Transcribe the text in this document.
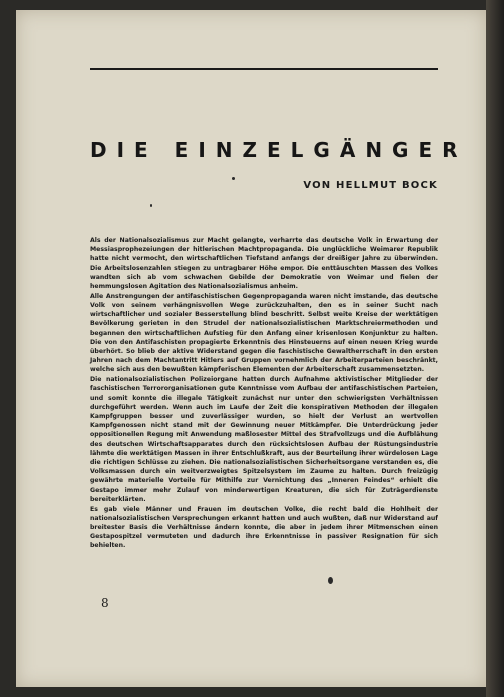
DIE EINZELGÄNGER
VON HELLMUT BOCK

Als der Nationalsozialismus zur Macht gelangte, verharrte das deutsche Volk in Erwartung der Messiasprophezeiungen der hitlerischen Machtpropaganda. Die unglückliche Weimarer Republik hatte nicht vermocht, den wirtschaftlichen Tiefstand anfangs der dreißiger Jahre zu überwinden. Die Arbeitslosenzahlen stiegen zu untragbarer Höhe empor. Die enttäuschten Massen des Volkes wandten sich ab vom schwachen Gebilde der Demokratie von Weimar und fielen der hemmungslosen Agitation des Nationalsozialismus anheim.

Alle Anstrengungen der antifaschistischen Gegenpropaganda waren nicht imstande, das deutsche Volk von seinem verhängnisvollen Wege zurückzuhalten, den es in seiner Sucht nach wirtschaftlicher und sozialer Besserstellung blind beschritt. Selbst weite Kreise der werktätigen Bevölkerung gerieten in den Strudel der nationalsozialistischen Marktschreiermethoden und begannen den wirtschaftlichen Aufstieg für den Anfang einer krisenlosen Konjunktur zu halten. Die von den Antifaschisten propagierte Erkenntnis des Hinsteuerns auf einen neuen Krieg wurde überhört. So blieb der aktive Widerstand gegen die faschistische Gewaltherrschaft in den ersten Jahren nach dem Machtantritt Hitlers auf Gruppen vornehmlich der Arbeiterparteien beschränkt, welche sich aus den bewußten kämpferischen Elementen der Arbeiterschaft zusammensetzten.

Die nationalsozialistischen Polizeiorgane hatten durch Aufnahme aktivistischer Mitglieder der faschistischen Terrororganisationen gute Kenntnisse vom Aufbau der antifaschistischen Parteien, und somit konnte die illegale Tätigkeit zunächst nur unter den schwierigsten Verhältnissen durchgeführt werden. Wenn auch im Laufe der Zeit die konspirativen Methoden der illegalen Kampfgruppen besser und zuverlässiger wurden, so hielt der Verlust an wertvollen Kampfgenossen nicht stand mit der Gewinnung neuer Mitkämpfer. Die Unterdrückung jeder oppositionellen Regung mit Anwendung maßlosester Mittel des Strafvollzugs und die Aufblähung des deutschen Wirtschaftsapparates durch den rücksichtslosen Aufbau der Rüstungsindustrie lähmte die werktätigen Massen in ihrer Entschlußkraft, aus der Beurteilung ihrer würdelosen Lage die richtigen Schlüsse zu ziehen. Die nationalsozialistischen Sicherheitsorgane verstanden es, die Volksmassen durch ein weitverzweigtes Spitzelsystem im Zaume zu halten. Durch freizügig gewährte materielle Vorteile für Mithilfe zur Vernichtung des „Inneren Feindes“ erhielt die Gestapo immer mehr Zulauf von minderwertigen Kreaturen, die sich für Zuträgerdienste bereiterklärten.

Es gab viele Männer und Frauen im deutschen Volke, die recht bald die Hohlheit der nationalsozialistischen Versprechungen erkannt hatten und auch wußten, daß nur Widerstand auf breitester Basis die Verhältnisse ändern konnte, die aber in jedem ihrer Mitmenschen einen Gestapospitzel vermuteten und dadurch ihre Erkenntnisse in passiver Resignation für sich behielten.

8
